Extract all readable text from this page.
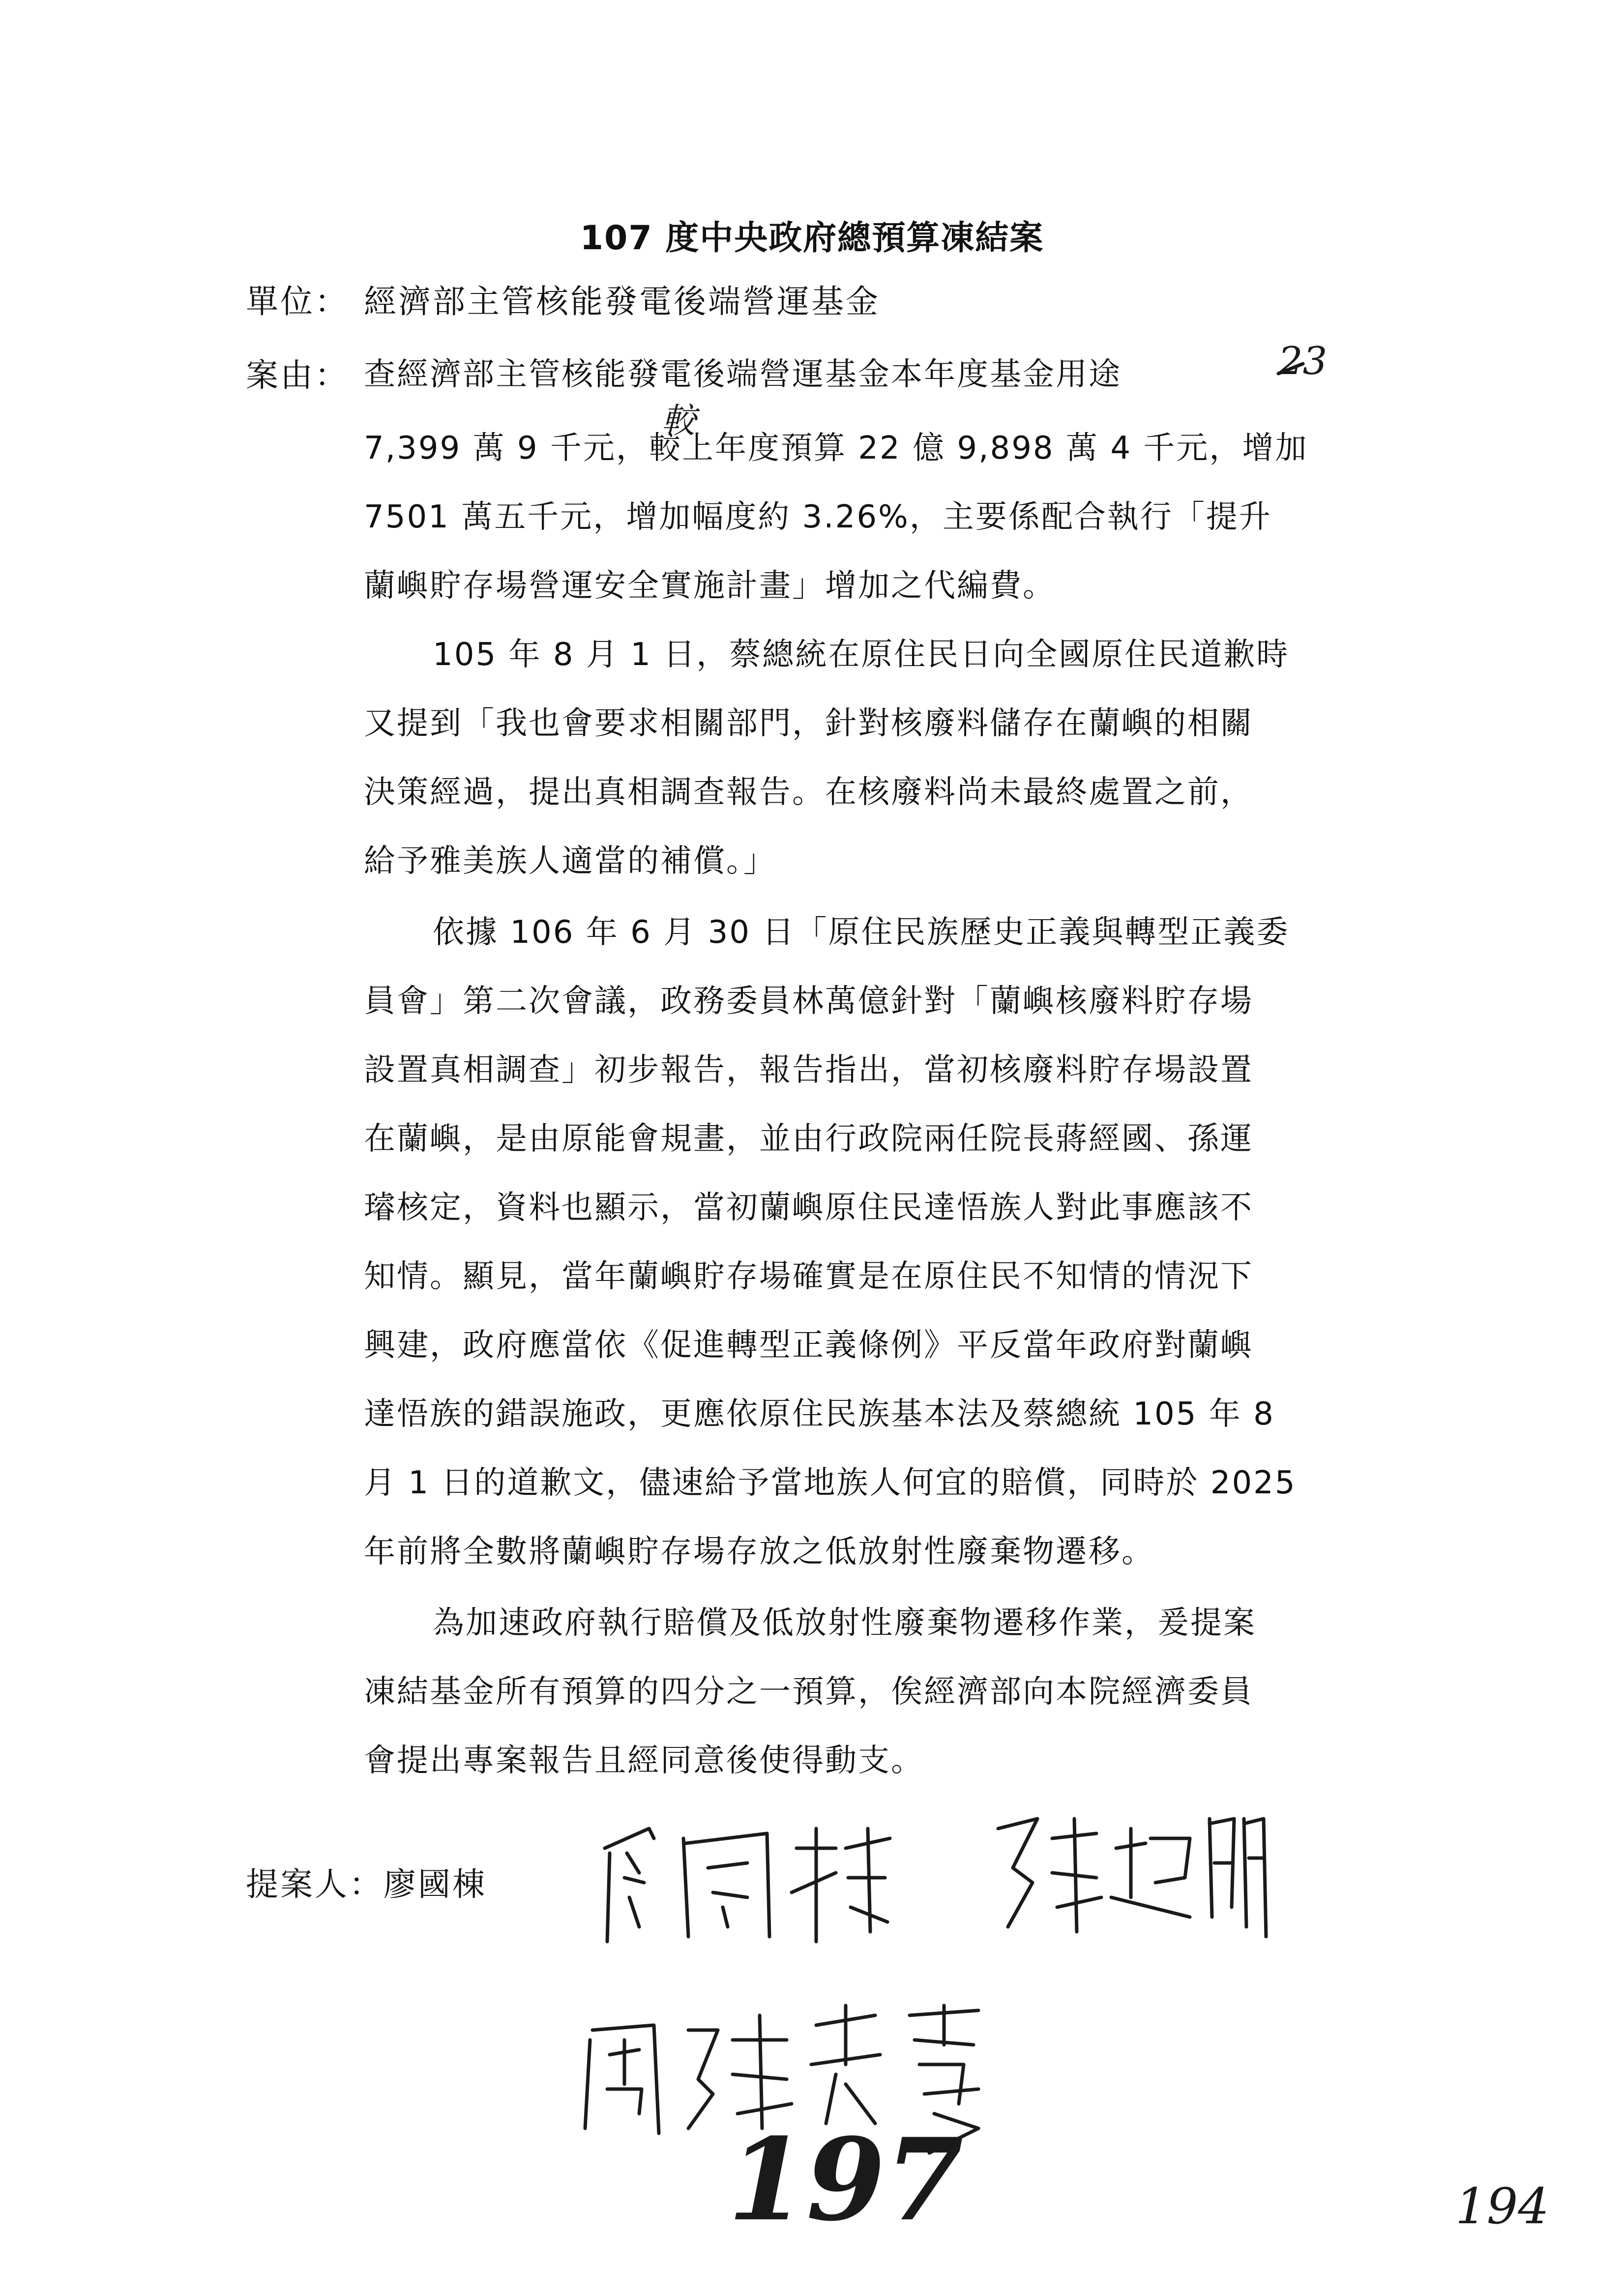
107 度中央政府總預算凍結案
單位： 經濟部主管核能發電後端營運基金
案由： 查經濟部主管核能發電後端營運基金本年度基金用途
7,399 萬 9 千元，較上年度預算 22 億 9,898 萬 4 千元，增加
7501 萬五千元，增加幅度約 3.26%，主要係配合執行「提升
蘭嶼貯存場營運安全實施計畫」增加之代編費。
105 年 8 月 1 日，蔡總統在原住民日向全國原住民道歉時
又提到「我也會要求相關部門，針對核廢料儲存在蘭嶼的相關
決策經過，提出真相調查報告。在核廢料尚未最終處置之前，
給予雅美族人適當的補償。」
依據 106 年 6 月 30 日「原住民族歷史正義與轉型正義委
員會」第二次會議，政務委員林萬億針對「蘭嶼核廢料貯存場
設置真相調查」初步報告，報告指出，當初核廢料貯存場設置
在蘭嶼，是由原能會規畫，並由行政院兩任院長蔣經國、孫運
璿核定，資料也顯示，當初蘭嶼原住民達悟族人對此事應該不
知情。顯見，當年蘭嶼貯存場確實是在原住民不知情的情況下
興建，政府應當依《促進轉型正義條例》平反當年政府對蘭嶼
達悟族的錯誤施政，更應依原住民族基本法及蔡總統 105 年 8
月 1 日的道歉文，儘速給予當地族人何宜的賠償，同時於 2025
年前將全數將蘭嶼貯存場存放之低放射性廢棄物遷移。
為加速政府執行賠償及低放射性廢棄物遷移作業，爰提案
凍結基金所有預算的四分之一預算，俟經濟部向本院經濟委員
會提出專案報告且經同意後使得動支。
提案人：廖國棟
23
較
197	194
